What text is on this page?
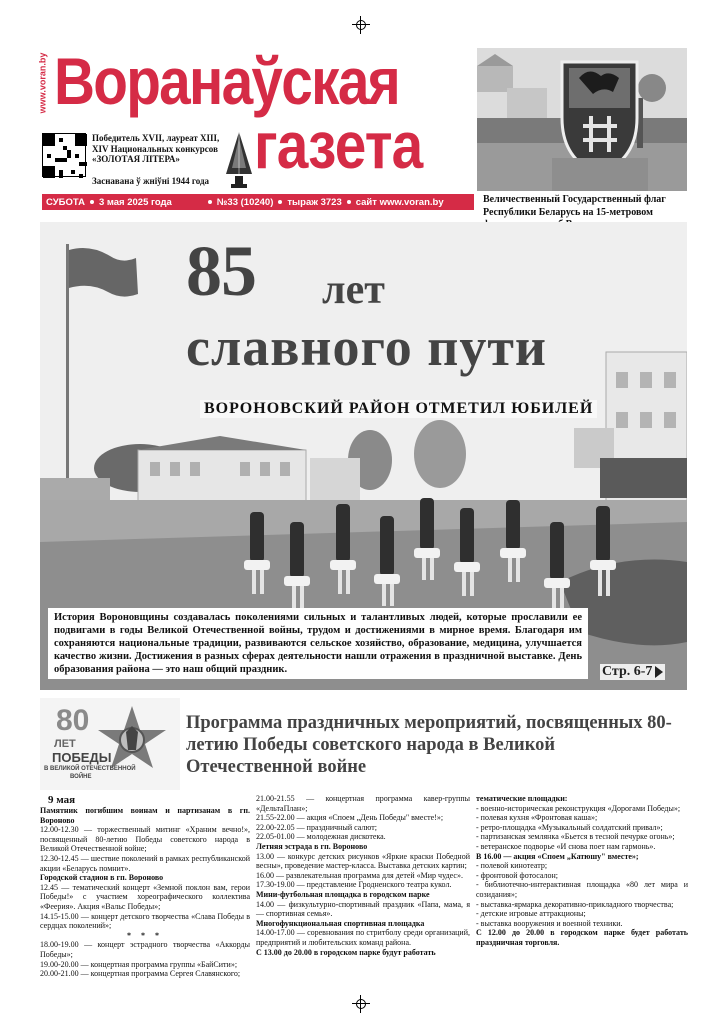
www.voran.by Воранаўская
газета
Победитель XVII, лауреат XIII, XIV Национальных конкурсов «ЗОЛОТАЯ ЛІТЕРА»
Заснавана ў жніўні 1944 года
СУБОТА 3 мая 2025 года	№33 (10240) тыраж 3723 сайт www.voran.by	Величественный Государственный флаг Республики Беларусь на 15-метровом
85 лет
славного пути
ВОРОНОВСКИЙ РАЙОН ОТМЕТИЛ ЮБИЛЕЙ
История Вороновщины создавалась поколениями сильных и талантливых людей, которые прославили ее подвигами в годы Великой Отечественной войны, трудом и достижениями в мирное время. Благодаря им сохраняются национальные традиции, развиваются сельское хозяйство, образование, медицина, улучшается качество жизни. Достижения в разных сферах деятельности нашли отражения в праздничной выставке. День образования района — это наш общий праздник.	Стр. 6-7
80
ЛЕТ
ПОБЕДЫ
В ВЕЛИКОЙ ОТЕЧЕСТВЕННОЙ
ВОЙНЕ
Программа праздничных мероприятий, посвященных 80-летию Победы советского народа в Великой Отечественной войне

9 мая

Памятник погибшим воинам и партизанам в гп. Вороново

12.00-12.30 — торжественный митинг «Храним вечно!», посвященный 80-летию Победы советского народа в Великой Отечественной войне;

12.30-12.45 — шествие поколений в рамках республиканской акции «Беларусь помнит».

Городской стадион в гп. Вороново

12.45 — тематический концерт «Земной поклон вам, герои Победы!» с участием хореографического коллектива «Феерия». Акция «Вальс Победы»;

14.15-15.00 — концерт детского творчества «Слава Победы в сердцах поколений»;

* * *

18.00-19.00 — концерт эстрадного творчества «Аккорды Победы»;

19.00-20.00 — концертная программа группы «БайСити»;

20.00-21.00 — концертная программа Сергея Славянского;

21.00-21.55 — концертная программа кавер-группы «ДельтаПлан»;

21.55-22.00 — акция «Споем „День Победы" вместе!»;

22.00-22.05 — праздничный салют;

22.05-01.00 — молодежная дискотека.

Летняя эстрада в гп. Вороново

13.00 — конкурс детских рисунков «Яркие краски Победной весны», проведение мастер-класса. Выставка детских картин;

16.00 — развлекательная программа для детей «Мир чудес».

17.30-19.00 — представление Гродненского театра кукол.

Мини-футбольная площадка в городском парке

14.00 — физкультурно-спортивный праздник «Папа, мама, я — спортивная семья».

Многофункциональная спортивная площадка

14.00-17.00 — соревнования по стритболу среди организаций, предприятий и любительских команд района.

С 13.00 до 20.00 в городском парке будут работать

тематические площадки:

- военно-историческая реконструкция «Дорогами Победы»;

- полевая кухня «Фронтовая каша»;

- ретро-площадка «Музыкальный солдатский привал»;

- партизанская землянка «Бьется в тесной печурке огонь»;

- ветеранское подворье «И снова поет нам гармонь».

В 16.00 — акция «Споем „Катюшу" вместе»;

- полевой кинотеатр;

- фронтовой фотосалон;

- библиотечно-интерактивная площадка «80 лет мира и созидания»;

- выставка-ярмарка декоративно-прикладного творчества;

- детские игровые аттракционы;

- выставка вооружения и военной техники.

С 12.00 до 20.00 в городском парке будет работать праздничная торговля.
